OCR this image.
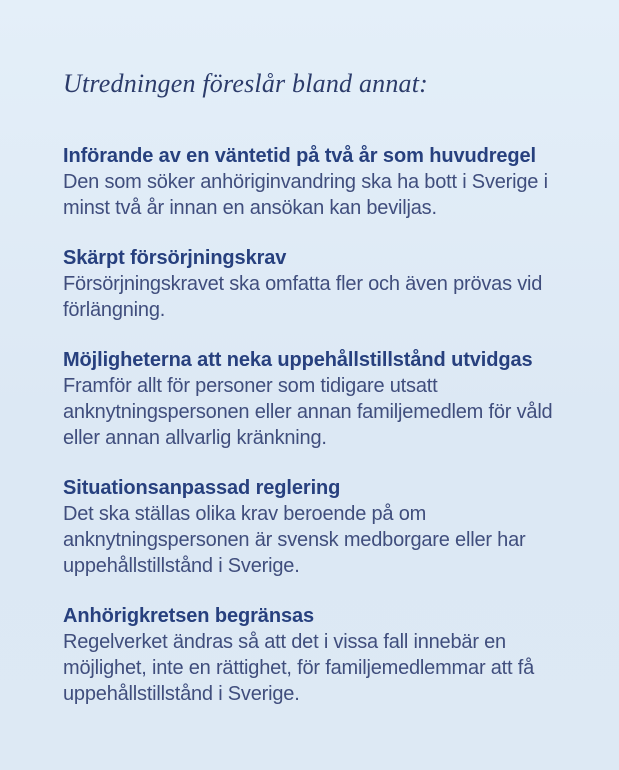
Utredningen föreslår bland annat:

Införande av en väntetid på två år som huvudregel

Den som söker anhöriginvandring ska ha bott i Sverige i minst två år innan en ansökan kan beviljas.

Skärpt försörjningskrav

Försörjningskravet ska omfatta fler och även prövas vid förlängning.

Möjligheterna att neka uppehållstillstånd utvidgas

Framför allt för personer som tidigare utsatt anknytningspersonen eller annan familjemedlem för våld eller annan allvarlig kränkning.

Situationsanpassad reglering

Det ska ställas olika krav beroende på om anknytningspersonen är svensk medborgare eller har uppehållstillstånd i Sverige.

Anhörigkretsen begränsas

Regelverket ändras så att det i vissa fall innebär en möjlighet, inte en rättighet, för familjemedlemmar att få uppehållstillstånd i Sverige.
